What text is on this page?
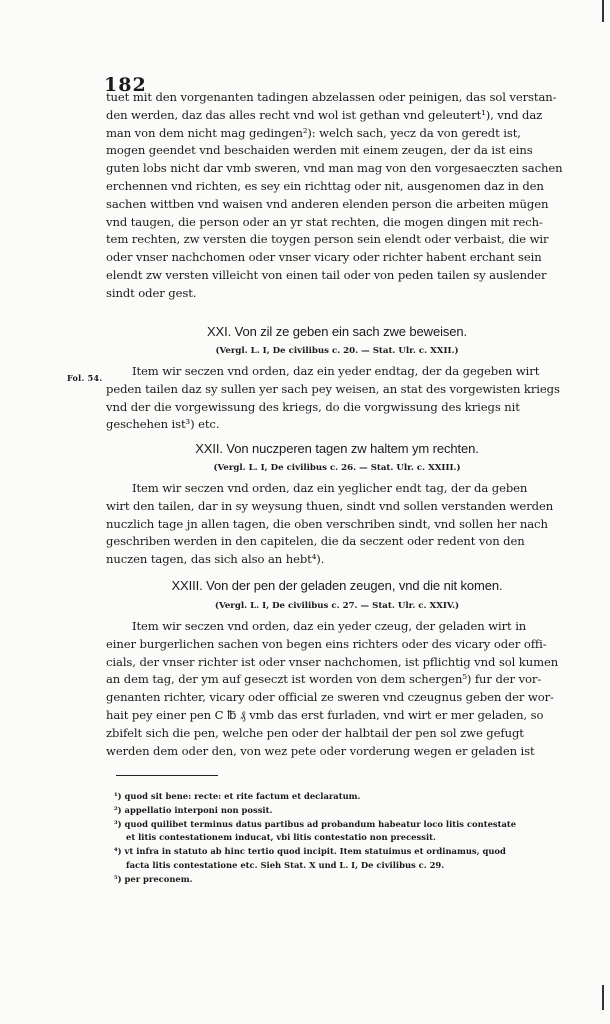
182
tuet mit den vorgenanten tadingen abzelassen oder peinigen, das sol verstan-
den werden, daz das alles recht vnd wol ist gethan vnd geleutert¹), vnd daz
man von dem nicht mag gedingen²): welch sach, yecz da von geredt ist,
mogen geendet vnd beschaiden werden mit einem zeugen, der da ist eins
guten lobs nicht dar vmb sweren, vnd man mag von den vorgesaeczten sachen
erchennen vnd richten, es sey ein richttag oder nit, ausgenomen daz in den
sachen wittben vnd waisen vnd anderen elenden person die arbeiten mügen
vnd taugen, die person oder an yr stat rechten, die mogen dingen mit rech-
tem rechten, zw versten die toygen person sein elendt oder verbaist, die wir
oder vnser nachchomen oder vnser vicary oder richter habent erchant sein
elendt zw versten villeicht von einen tail oder von peden tailen sy auslender
sindt oder gest.
XXI. Von zil ze geben ein sach zwe beweisen.
(Vergl. L. I, De civilibus c. 20. — Stat. Ulr. c. XXII.)
Fol. 54.	Item wir seczen vnd orden, daz ein yeder endtag, der da gegeben wirt
peden tailen daz sy sullen yer sach pey weisen, an stat des vorgewisten kriegs
vnd der die vorgewissung des kriegs, do die vorgwissung des kriegs nit
geschehen ist³) etc.
XXII. Von nuczperen tagen zw haltem ym rechten.
(Vergl. L. I, De civilibus c. 26. — Stat. Ulr. c. XXIII.)
Item wir seczen vnd orden, daz ein yeglicher endt tag, der da geben
wirt den tailen, dar in sy weysung thuen, sindt vnd sollen verstanden werden
nuczlich tage jn allen tagen, die oben verschriben sindt, vnd sollen her nach
geschriben werden in den capitelen, die da seczent oder redent von den
nuczen tagen, das sich also an hebt⁴).
XXIII. Von der pen der geladen zeugen, vnd die nit komen.
(Vergl. L. I, De civilibus c. 27. — Stat. Ulr. c. XXIV.)
Item wir seczen vnd orden, daz ein yeder czeug, der geladen wirt in
einer burgerlichen sachen von begen eins richters oder des vicary oder offi-
cials, der vnser richter ist oder vnser nachchomen, ist pflichtig vnd sol kumen
an dem tag, der ym auf geseczt ist worden von dem schergen⁵) fur der vor-
genanten richter, vicary oder official ze sweren vnd czeugnus geben der wor-
hait pey einer pen C ℔ ₰ vmb das erst furladen, vnd wirt er mer geladen, so
zbifelt sich die pen, welche pen oder der halbtail der pen sol zwe gefugt
werden dem oder den, von wez pete oder vorderung wegen er geladen ist
¹) quod sit bene: recte: et rite factum et declaratum.
²) appellatio interponi non possit.
³) quod quilibet terminus datus partibus ad probandum habeatur loco litis contestate
et litis contestationem inducat, vbi litis contestatio non precessit.
⁴) vt infra in statuto ab hinc tertio quod incipit. Item statuimus et ordinamus, quod
facta litis contestatione etc. Sieh Stat. X und L. I, De civilibus c. 29.
⁵) per preconem.
